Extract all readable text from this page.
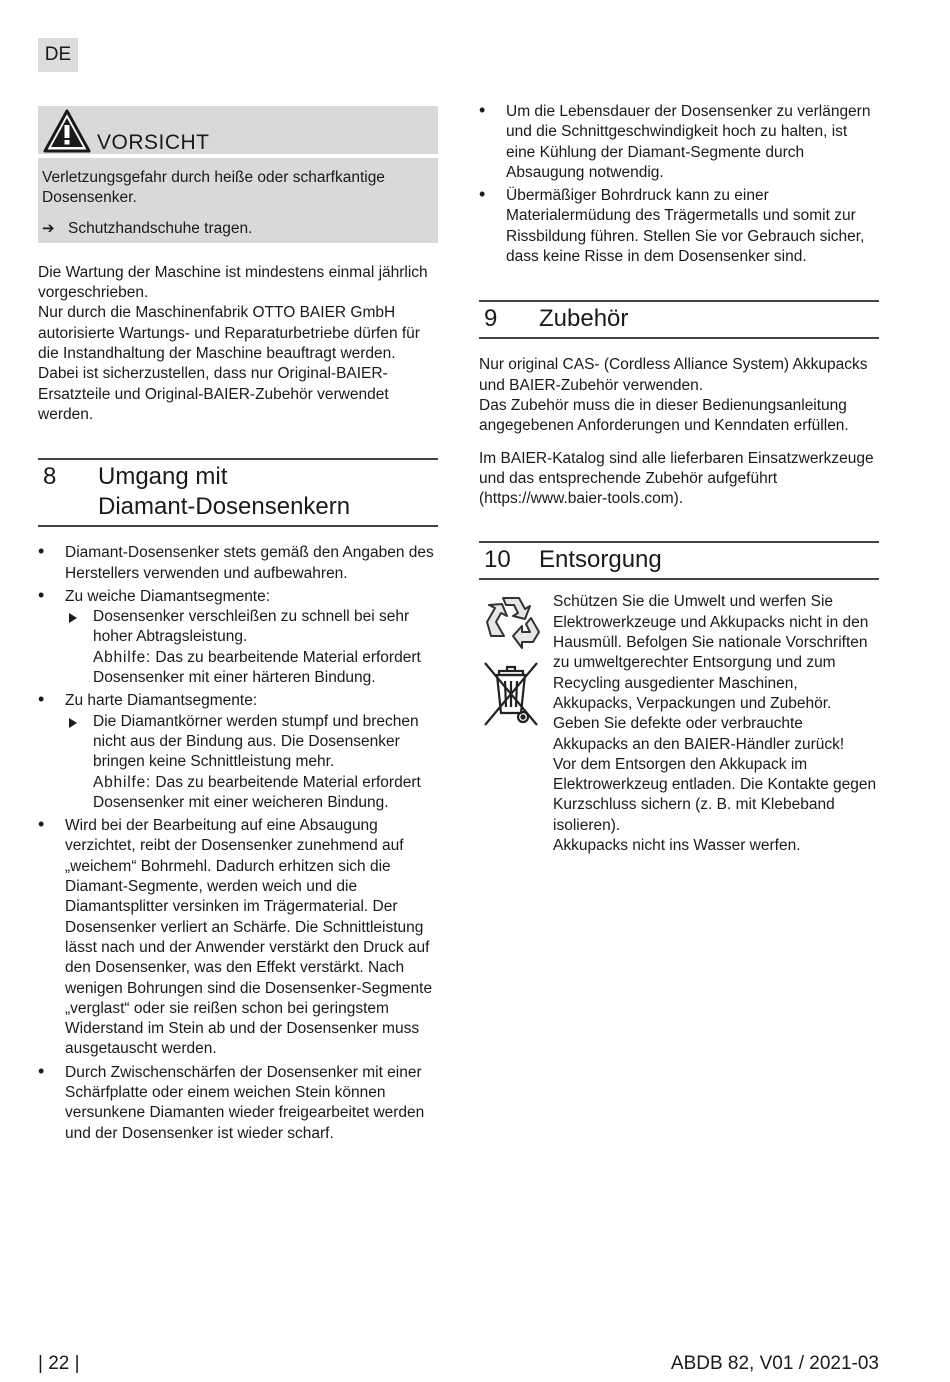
DE
VORSICHT

Verletzungsgefahr durch heiße oder scharfkantige Dosensenker.

➔ Schutzhandschuhe tragen.

Die Wartung der Maschine ist mindestens einmal jährlich vorgeschrieben.

Nur durch die Maschinenfabrik OTTO BAIER GmbH autorisierte Wartungs- und Reparaturbetriebe dürfen für die Instandhaltung der Maschine beauftragt werden. Dabei ist sicherzustellen, dass nur Original-BAIER-Ersatzteile und Original-BAIER-Zubehör verwendet werden.

8	Umgang mit
Diamant-Dosensenkern
• Diamant-Dosensenker stets gemäß den Angaben des Herstellers verwenden und aufbewahren.
• Zu weiche Diamantsegmente:
Dosensenker verschleißen zu schnell bei sehr hoher Abtragsleistung.
Abhilfe: Das zu bearbeitende Material erfordert Dosensenker mit einer härteren Bindung.
• Zu harte Diamantsegmente:
Die Diamantkörner werden stumpf und brechen nicht aus der Bindung aus. Die Dosensenker bringen keine Schnittleistung mehr.
Abhilfe: Das zu bearbeitende Material erfordert Dosensenker mit einer weicheren Bindung.
• Wird bei der Bearbeitung auf eine Absaugung verzichtet, reibt der Dosensenker zunehmend auf „weichem“ Bohrmehl. Dadurch erhitzen sich die Diamant-Segmente, werden weich und die Diamantsplitter versinken im Trägermaterial. Der Dosensenker verliert an Schärfe. Die Schnittleistung lässt nach und der Anwender verstärkt den Druck auf den Dosensenker, was den Effekt verstärkt. Nach wenigen Bohrungen sind die Dosensenker-Segmente „verglast“ oder sie reißen schon bei geringstem Widerstand im Stein ab und der Dosensenker muss ausgetauscht werden.
• Durch Zwischenschärfen der Dosensenker mit einer Schärfplatte oder einem weichen Stein können versunkene Diamanten wieder freigearbeitet werden und der Dosensenker ist wieder scharf.
• Um die Lebensdauer der Dosensenker zu verlängern und die Schnittgeschwindigkeit hoch zu halten, ist eine Kühlung der Diamant-Segmente durch Absaugung notwendig.
• Übermäßiger Bohrdruck kann zu einer Materialermüdung des Trägermetalls und somit zur Rissbildung führen. Stellen Sie vor Gebrauch sicher, dass keine Risse in dem Dosensenker sind.
9	Zubehör

Nur original CAS- (Cordless Alliance System) Akkupacks und BAIER-Zubehör verwenden.

Das Zubehör muss die in dieser Bedienungsanleitung angegebenen Anforderungen und Kenndaten erfüllen.

Im BAIER-Katalog sind alle lieferbaren Einsatzwerkzeuge und das entsprechende Zubehör aufgeführt (https://www.baier-tools.com).

10	Entsorgung

Schützen Sie die Umwelt und werfen Sie Elektrowerkzeuge und Akkupacks nicht in den Hausmüll. Befolgen Sie nationale Vorschriften zu umweltgerechter Entsorgung und zum Recycling ausgedienter Maschinen, Akkupacks, Verpackungen und Zubehör.

Geben Sie defekte oder verbrauchte Akkupacks an den BAIER-Händler zurück!

Vor dem Entsorgen den Akkupack im Elektrowerkzeug entladen. Die Kontakte gegen Kurzschluss sichern (z. B. mit Klebeband isolieren).

Akkupacks nicht ins Wasser werfen.

| 22 |	ABDB 82, V01 / 2021-03
